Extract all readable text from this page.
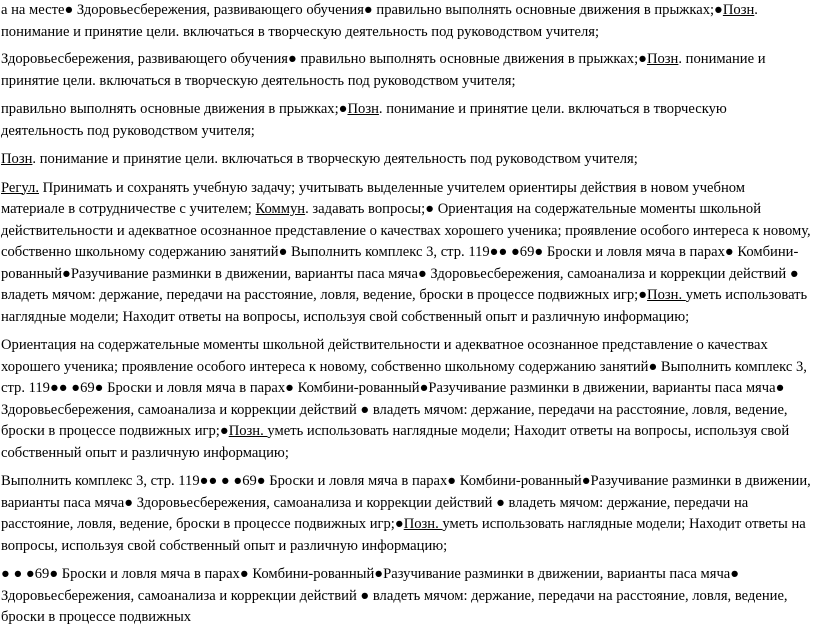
а на месте● Здоровьесбережения, развивающего обучения● правильно выполнять основные движения в прыжках;●Позн. понимание и принятие цели. включаться в творческую деятельность под руководством учителя;

Здоровьесбережения, развивающего обучения● правильно выполнять основные движения в прыжках;●Позн. понимание и принятие цели. включаться в творческую деятельность под руководством учителя;

правильно выполнять основные движения в прыжках;●Позн. понимание и принятие цели. включаться в творческую деятельность под руководством учителя;

Позн. понимание и принятие цели. включаться в творческую деятельность под руководством учителя;

Регул. Принимать и сохранять учебную задачу; учитывать выделенные учителем ориентиры действия в новом учебном материале в сотрудничестве с учителем; Коммун. задавать вопросы;● Ориентация на содержательные моменты школьной действительности и адекватное осознанное представление о качествах хорошего ученика; проявление особого интереса к новому, собственно школьному содержанию занятий● Выполнить комплекс 3, стр. 119●● ●69● Броски и ловля мяча в парах● Комбини-рованный●Разучивание разминки в движении, варианты паса мяча● Здоровьесбережения, самоанализа и коррекции действий ● владеть мячом: держание, передачи на расстояние, ловля, ведение, броски в процессе подвижных игр;●Позн. уметь использовать наглядные модели; Находит ответы на вопросы, используя свой собственный опыт и различную информацию;

Ориентация на содержательные моменты школьной действительности и адекватное осознанное представление о качествах хорошего ученика; проявление особого интереса к новому, собственно школьному содержанию занятий● Выполнить комплекс 3, стр. 119●● ●69● Броски и ловля мяча в парах● Комбини-рованный●Разучивание разминки в движении, варианты паса мяча● Здоровьесбережения, самоанализа и коррекции действий ● владеть мячом: держание, передачи на расстояние, ловля, ведение, броски в процессе подвижных игр;●Позн. уметь использовать наглядные модели; Находит ответы на вопросы, используя свой собственный опыт и различную информацию;

Выполнить комплекс 3, стр. 119●● ● ●69● Броски и ловля мяча в парах● Комбини-рованный●Разучивание разминки в движении, варианты паса мяча● Здоровьесбережения, самоанализа и коррекции действий ● владеть мячом: держание, передачи на расстояние, ловля, ведение, броски в процессе подвижных игр;●Позн. уметь использовать наглядные модели; Находит ответы на вопросы, используя свой собственный опыт и различную информацию;

● ● ●69● Броски и ловля мяча в парах● Комбини-рованный●Разучивание разминки в движении, варианты паса мяча● Здоровьесбережения, самоанализа и коррекции действий ● владеть мячом: держание, передачи на расстояние, ловля, ведение, броски в процессе подвижных
